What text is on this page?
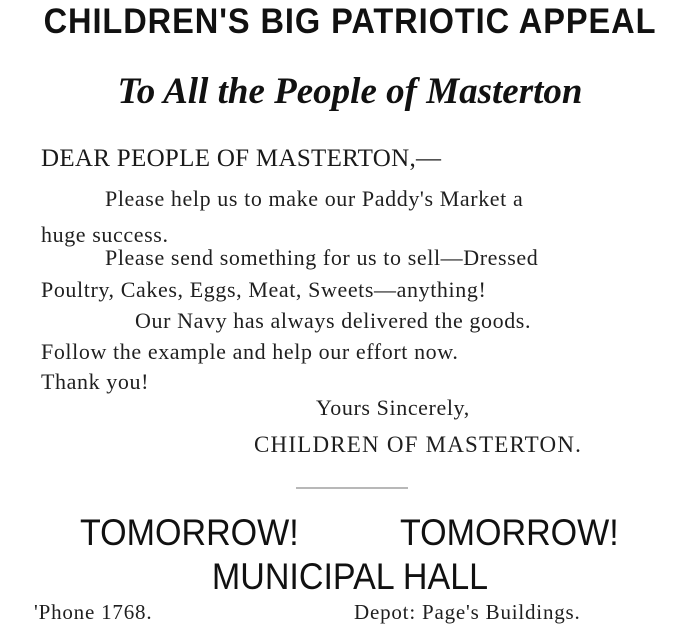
CHILDREN'S BIG PATRIOTIC APPEAL
To All the People of Masterton
DEAR PEOPLE OF MASTERTON,—
Please help us to make our Paddy's Market a
huge success.
Please send something for us to sell—Dressed
Poultry, Cakes, Eggs, Meat, Sweets—anything!
Our Navy has always delivered the goods.
Follow the example and help our effort now.
Thank you!
Yours Sincerely,
CHILDREN OF MASTERTON.
TOMORROW!	TOMORROW!
MUNICIPAL HALL
'Phone 1768.	Depot: Page's Buildings.
